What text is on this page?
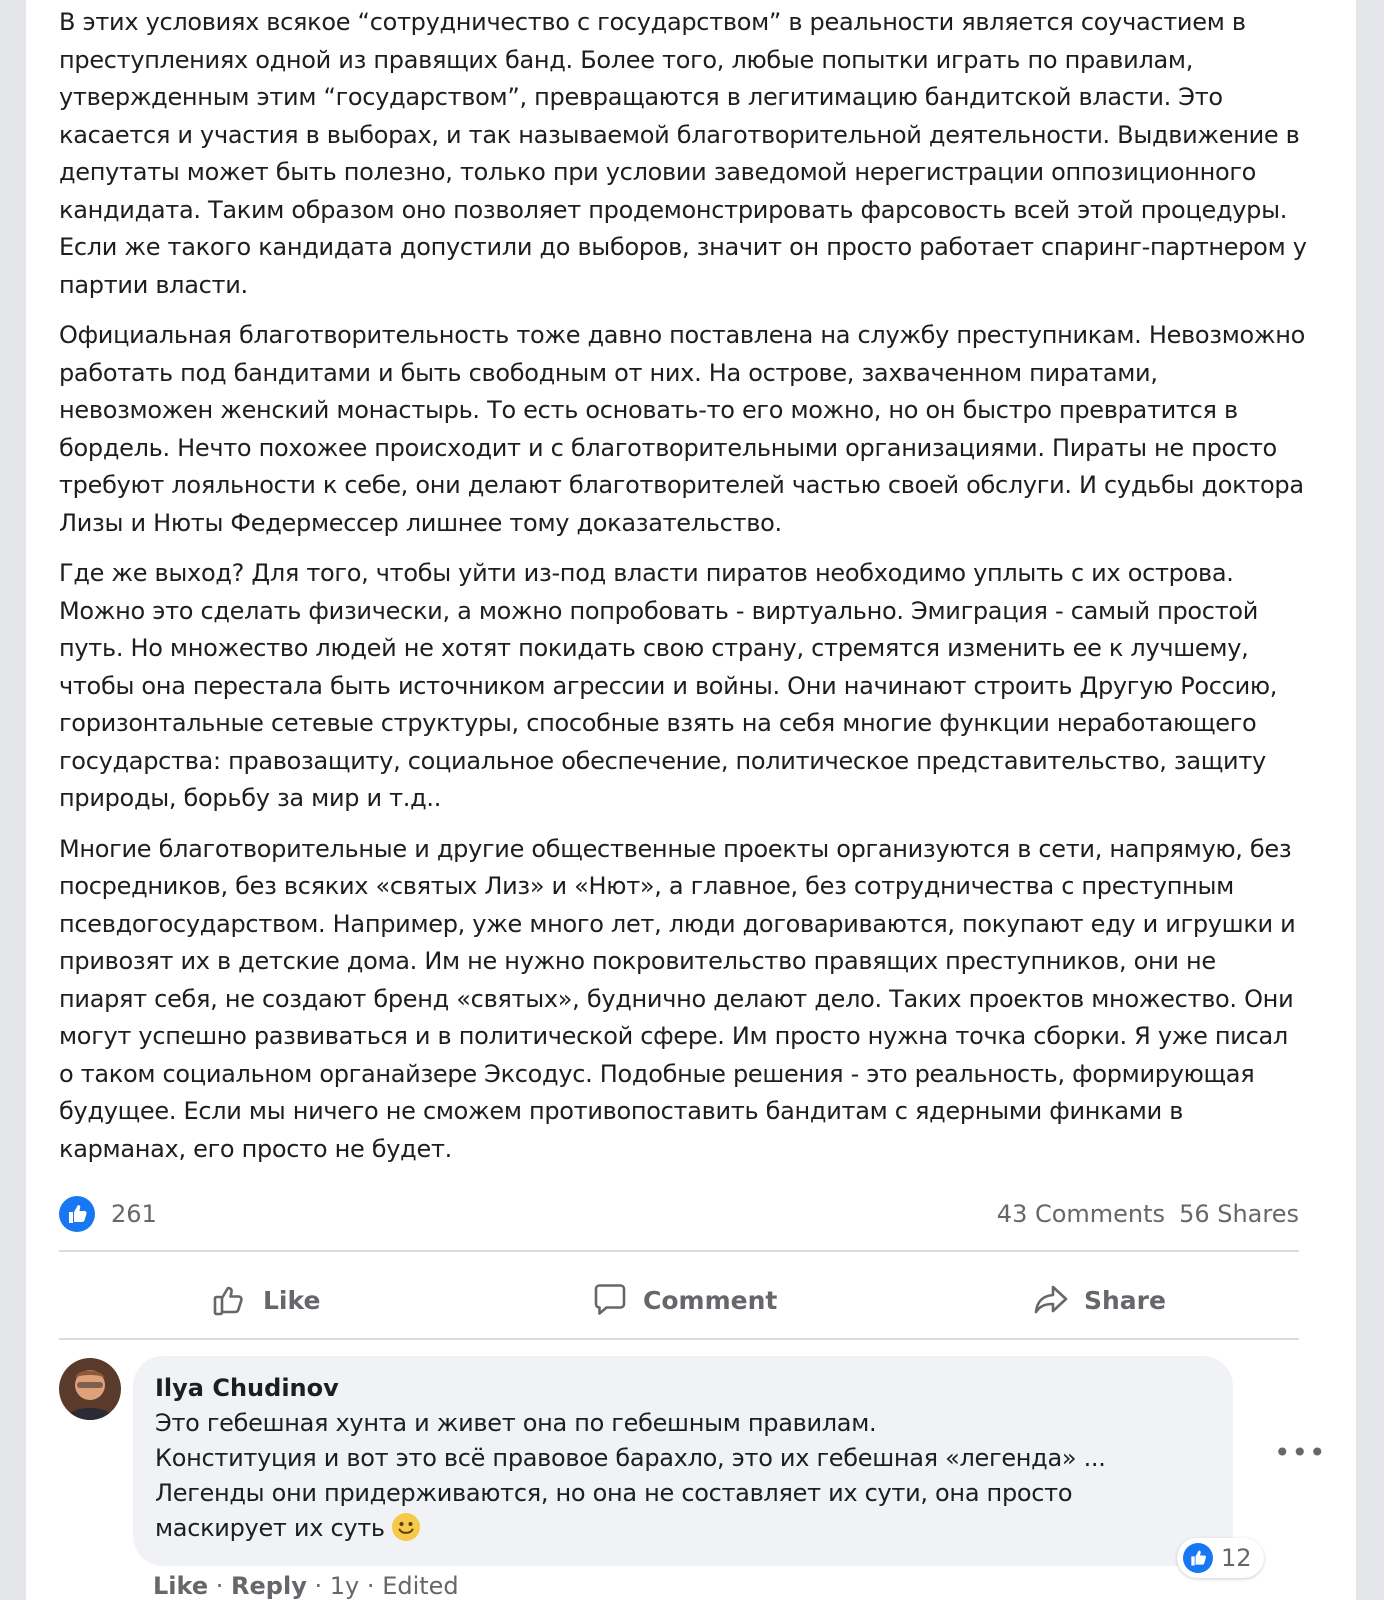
В этих условиях всякое “сотрудничество с государством” в реальности является соучастием в преступлениях одной из правящих банд. Более того, любые попытки играть по правилам, утвержденным этим “государством”, превращаются в легитимацию бандитской власти. Это касается и участия в выборах, и так называемой благотворительной деятельности. Выдвижение в депутаты может быть полезно, только при условии заведомой нерегистрации оппозиционного кандидата. Таким образом оно позволяет продемонстрировать фарсовость всей этой процедуры. Если же такого кандидата допустили до выборов, значит он просто работает спаринг-партнером у партии власти.

Официальная благотворительность тоже давно поставлена на службу преступникам. Невозможно работать под бандитами и быть свободным от них. На острове, захваченном пиратами, невозможен женский монастырь. То есть основать-то его можно, но он быстро превратится в бордель. Нечто похожее происходит и с благотворительными организациями. Пираты не просто требуют лояльности к себе, они делают благотворителей частью своей обслуги. И судьбы доктора Лизы и Нюты Федермессер лишнее тому доказательство.

Где же выход? Для того, чтобы уйти из-под власти пиратов необходимо уплыть с их острова. Можно это сделать физически, а можно попробовать - виртуально. Эмиграция - самый простой путь. Но множество людей не хотят покидать свою страну, стремятся изменить ее к лучшему, чтобы она перестала быть источником агрессии и войны. Они начинают строить Другую Россию, горизонтальные сетевые структуры, способные взять на себя многие функции неработающего государства: правозащиту, социальное обеспечение, политическое представительство, защиту природы, борьбу за мир и т.д..

Многие благотворительные и другие общественные проекты организуются в сети, напрямую, без посредников, без всяких «святых Лиз» и «Нют», а главное, без сотрудничества с преступным псевдогосударством. Например, уже много лет, люди договариваются, покупают еду и игрушки и привозят их в детские дома. Им не нужно покровительство правящих преступников, они не пиарят себя, не создают бренд «святых», буднично делают дело. Таких проектов множество. Они могут успешно развиваться и в политической сфере. Им просто нужна точка сборки. Я уже писал о таком социальном органайзере Эксодус. Подобные решения - это реальность, формирующая будущее. Если мы ничего не сможем противопоставить бандитам с ядерными финками в карманах, его просто не будет.

261	43 Comments 56 Shares
Like	Comment	Share
Ilya Chudinov
Это гебешная хунта и живет она по гебешным правилам.
Конституция и вот это всё правовое барахло, это их гебешная «легенда» ...
Легенды они придерживаются, но она не составляет их сути, она просто
маскирует их суть
•••
12
Like · Reply · 1y · Edited
